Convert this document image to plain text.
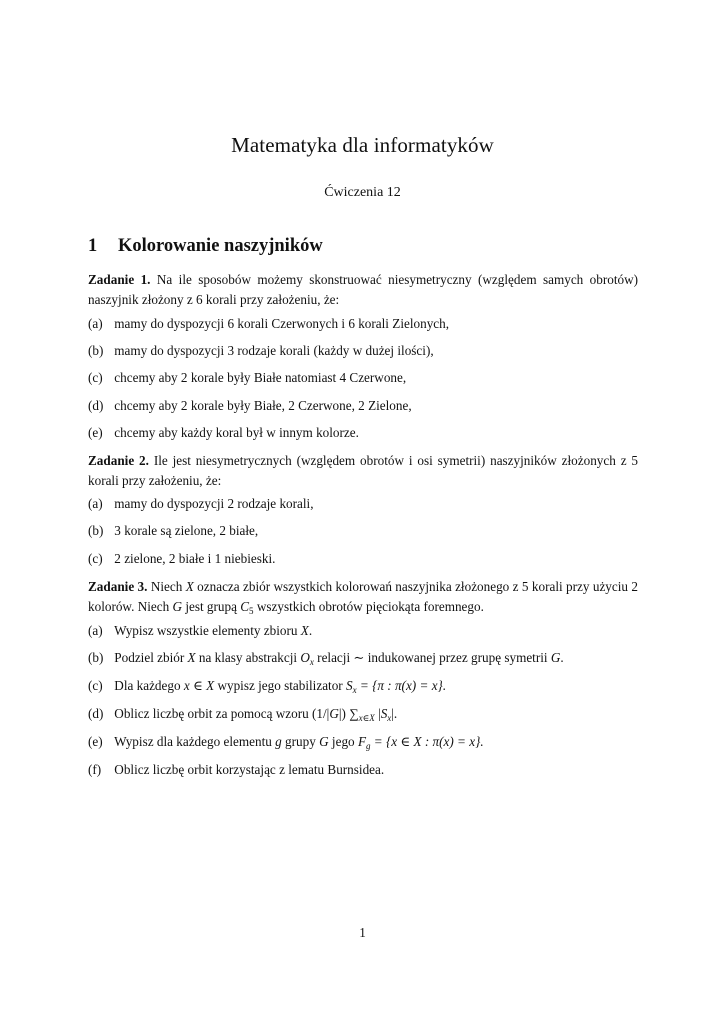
Matematyka dla informatyków
Ćwiczenia 12
1 Kolorowanie naszyjników
Zadanie 1. Na ile sposobów możemy skonstruować niesymetryczny (względem samych obrotów) naszyjnik złożony z 6 korali przy założeniu, że:
(a) mamy do dyspozycji 6 korali Czerwonych i 6 korali Zielonych,
(b) mamy do dyspozycji 3 rodzaje korali (każdy w dużej ilości),
(c) chcemy aby 2 korale były Białe natomiast 4 Czerwone,
(d) chcemy aby 2 korale były Białe, 2 Czerwone, 2 Zielone,
(e) chcemy aby każdy koral był w innym kolorze.
Zadanie 2. Ile jest niesymetrycznych (względem obrotów i osi symetrii) naszyjników złożonych z 5 korali przy założeniu, że:
(a) mamy do dyspozycji 2 rodzaje korali,
(b) 3 korale są zielone, 2 białe,
(c) 2 zielone, 2 białe i 1 niebieski.
Zadanie 3. Niech X oznacza zbiór wszystkich kolorowań naszyjnika złożonego z 5 korali przy użyciu 2 kolorów. Niech G jest grupą $C_5$ wszystkich obrotów pięciokąta foremnego.
(a) Wypisz wszystkie elementy zbioru X.
(b) Podziel zbiór X na klasy abstrakcji $O_x$ relacji ∼ indukowanej przez grupę symetrii G.
(c) Dla każdego x ∈ X wypisz jego stabilizator $S_x = \{\pi$ : π(x) = x}.
(d) Oblicz liczbę orbit za pomocą wzoru (1/|G|) $\sum_{x\in X}$ $|S_x|$.
(e) Wypisz dla każdego elementu g grupy G jego $F_g = \{x$ ∈ X : π(x) = x}.
(f) Oblicz liczbę orbit korzystając z lematu Burnsidea.
1
